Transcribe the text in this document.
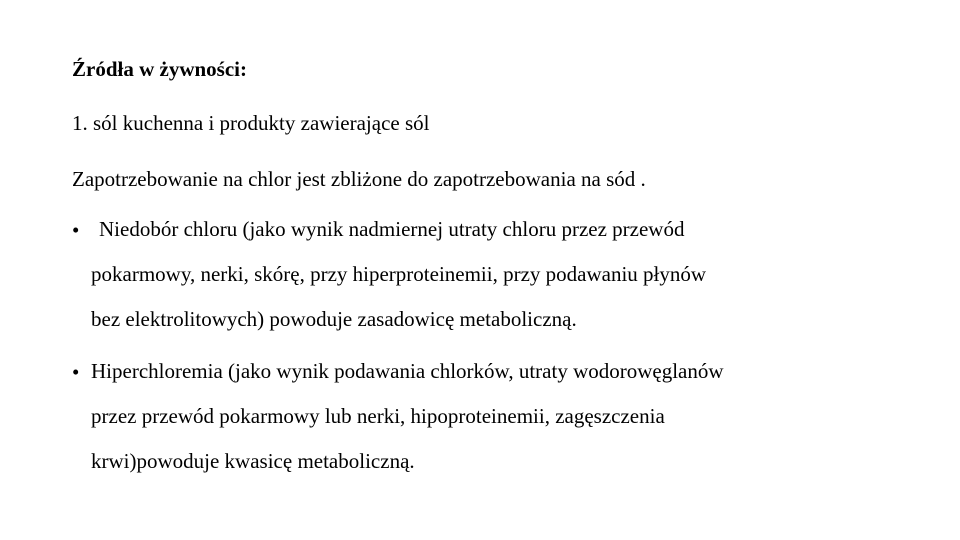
Źródła w żywności:
1. sól kuchenna i produkty zawierające sól
Zapotrzebowanie na chlor jest zbliżone do zapotrzebowania na sód .
• Niedobór chloru (jako wynik nadmiernej utraty chloru przez przewód
pokarmowy, nerki, skórę, przy hiperproteinemii, przy podawaniu płynów
bez elektrolitowych) powoduje zasadowicę metaboliczną.
• Hiperchloremia (jako wynik podawania chlorków, utraty wodorowęglanów
przez przewód pokarmowy lub nerki, hipoproteinemii, zagęszczenia
krwi)powoduje kwasicę metaboliczną.
